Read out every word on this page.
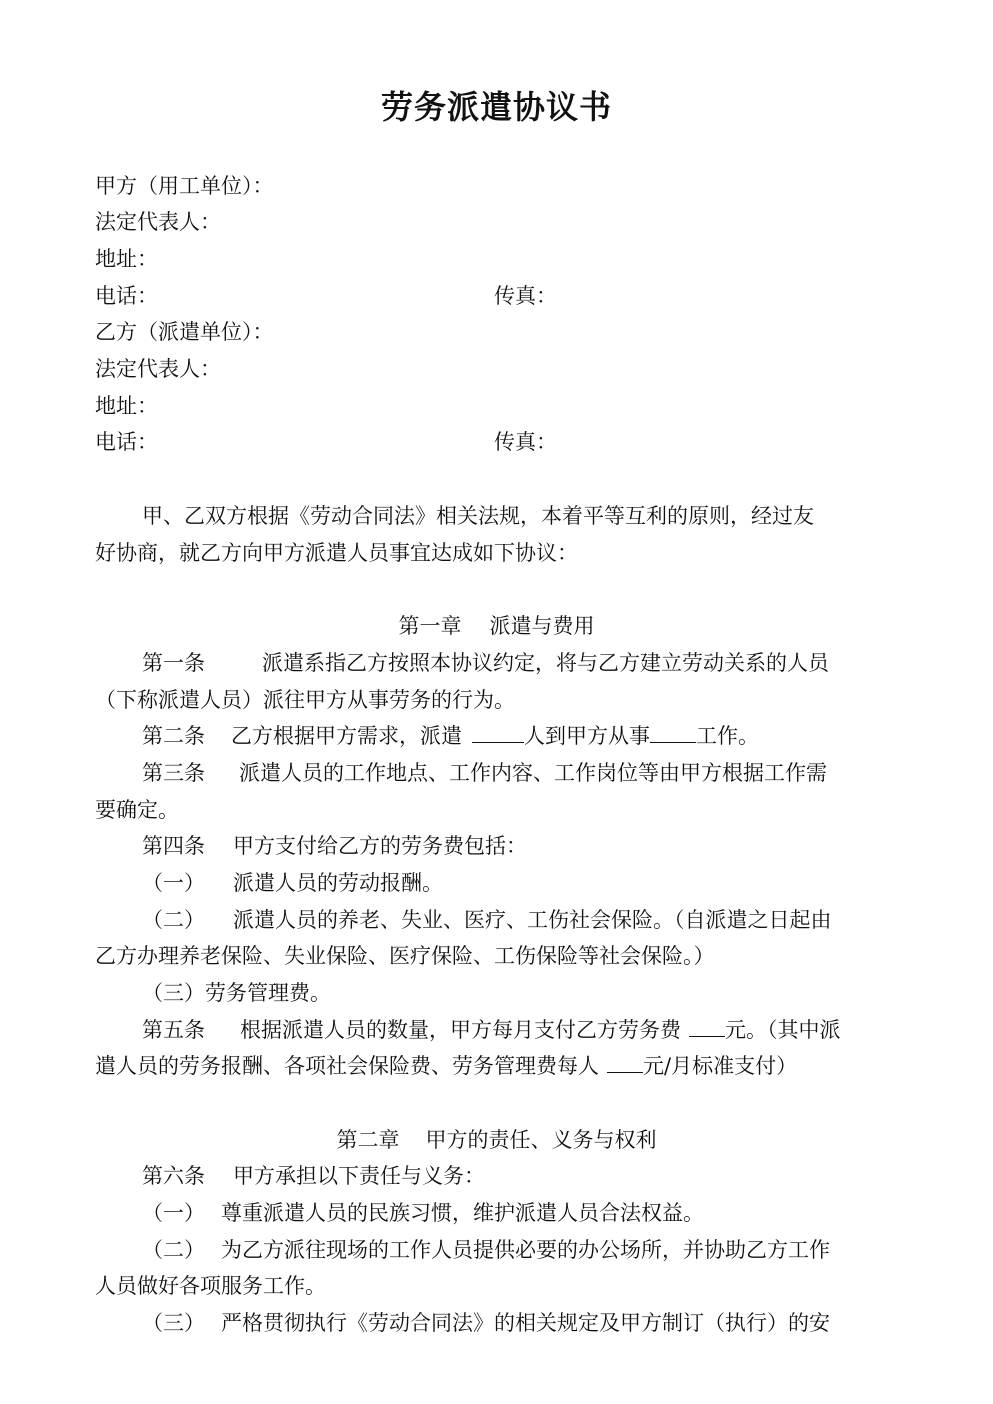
劳务派遣协议书
甲方（用工单位）：
法定代表人：
地址：
电话：	传真：
乙方（派遣单位）：
法定代表人：
地址：
电话：	传真：
甲、乙双方根据《劳动合同法》相关法规，本着平等互利的原则，经过友
好协商，就乙方向甲方派遣人员事宜达成如下协议：
第一章 派遣与费用
第一条	派遣系指乙方按照本协议约定，将与乙方建立劳动关系的人员
（下称派遣人员）派往甲方从事劳务的行为。
第二条 乙方根据甲方需求，派遣	人到甲方从事 工作。
第三条 派遣人员的工作地点、工作内容、工作岗位等由甲方根据工作需
要确定。
第四条 甲方支付给乙方的劳务费包括：
（一） 派遣人员的劳动报酬。
（二） 派遣人员的养老、失业、医疗、工伤社会保险。（自派遣之日起由
乙方办理养老保险、失业保险、医疗保险、工伤保险等社会保险。）
（三）劳务管理费。
第五条 根据派遣人员的数量，甲方每月支付乙方劳务费 元。（其中派
遣人员的劳务报酬、各项社会保险费、劳务管理费每人 元/月标准支付）
第二章 甲方的责任、义务与权利
第六条 甲方承担以下责任与义务：
（一） 尊重派遣人员的民族习惯，维护派遣人员合法权益。
（二） 为乙方派往现场的工作人员提供必要的办公场所，并协助乙方工作
人员做好各项服务工作。
（三） 严格贯彻执行《劳动合同法》的相关规定及甲方制订（执行）的安
